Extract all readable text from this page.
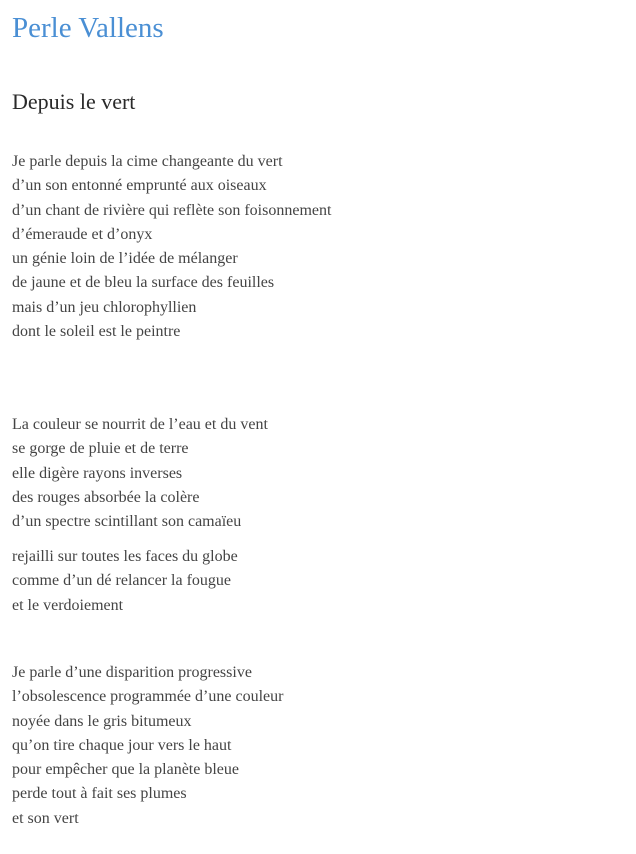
Perle Vallens
Depuis le vert
Je parle depuis la cime changeante du vert
d’un son entonné emprunté aux oiseaux
d’un chant de rivière qui reflète son foisonnement
d’émeraude et d’onyx
un génie loin de l’idée de mélanger
de jaune et de bleu la surface des feuilles
mais d’un jeu chlorophyllien
dont le soleil est le peintre
La couleur se nourrit de l’eau et du vent
se gorge de pluie et de terre
elle digère rayons inverses
des rouges absorbée la colère
d’un spectre scintillant son camaïeu
rejailli sur toutes les faces du globe
comme d’un dé relancer la fougue
et le verdoiement
Je parle d’une disparition progressive
l’obsolescence programmée d’une couleur
noyée dans le gris bitumeux
qu’on tire chaque jour vers le haut
pour empêcher que la planète bleue
perde tout à fait ses plumes
et son vert
